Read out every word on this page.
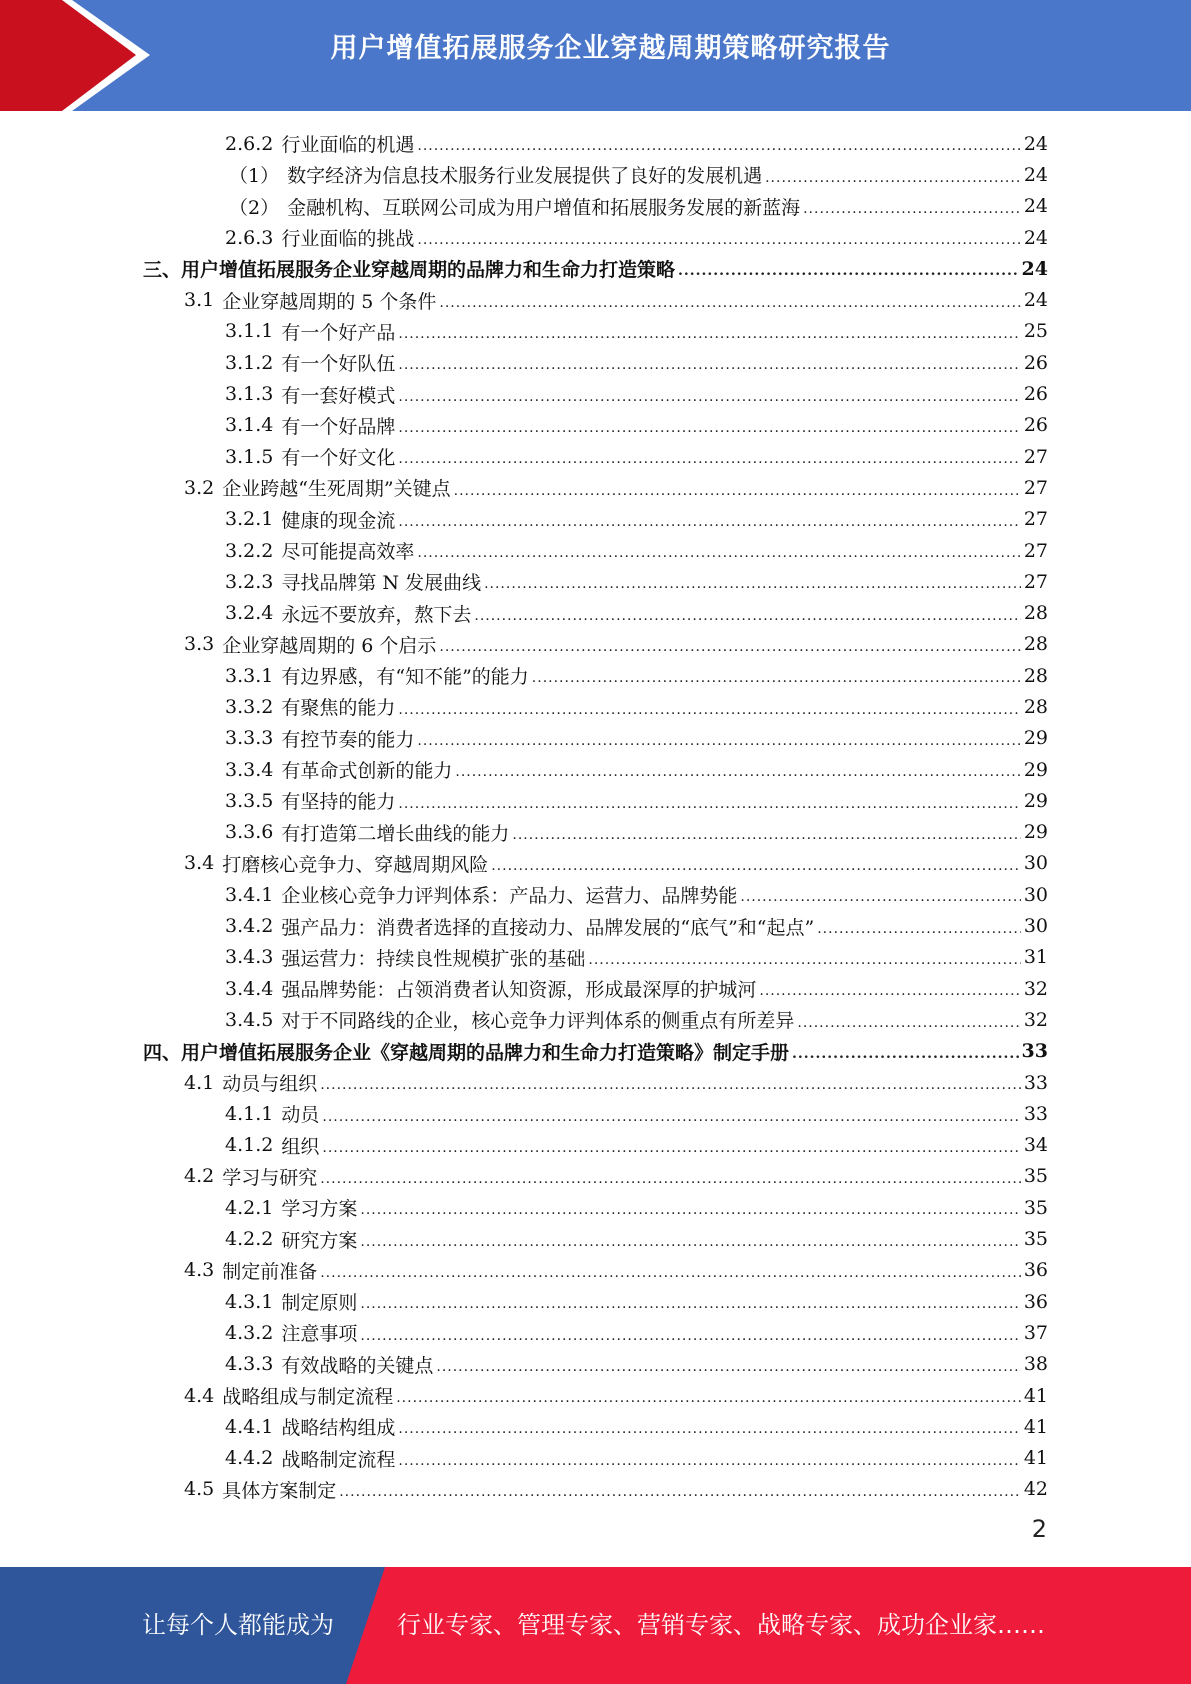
用户增值拓展服务企业穿越周期策略研究报告
2.6.2 行业面临的机遇 .....	24
（1） 数字经济为信息技术服务行业发展提供了良好的发展机遇 .....	24
（2） 金融机构、互联网公司成为用户增值和拓展服务发展的新蓝海 .....	24
2.6.3 行业面临的挑战 .....	24
三、用户增值拓展服务企业穿越周期的品牌力和生命力打造策略 .....	24
3.1 企业穿越周期的 5 个条件 .....	24
3.1.1 有一个好产品 .....	25
3.1.2 有一个好队伍 .....	26
3.1.3 有一套好模式 .....	26
3.1.4 有一个好品牌 .....	26
3.1.5 有一个好文化 .....	27
3.2 企业跨越“生死周期”关键点 .....	27
3.2.1 健康的现金流 .....	27
3.2.2 尽可能提高效率 .....	27
3.2.3 寻找品牌第 N 发展曲线 .....	27
3.2.4 永远不要放弃，熬下去 .....	28
3.3 企业穿越周期的 6 个启示 .....	28
3.3.1 有边界感，有“知不能”的能力 .....	28
3.3.2 有聚焦的能力 .....	28
3.3.3 有控节奏的能力 .....	29
3.3.4 有革命式创新的能力 .....	29
3.3.5 有坚持的能力 .....	29
3.3.6 有打造第二增长曲线的能力 .....	29
3.4 打磨核心竞争力、穿越周期风险 .....	30
3.4.1 企业核心竞争力评判体系：产品力、运营力、品牌势能 .....	30
3.4.2 强产品力：消费者选择的直接动力、品牌发展的“底气”和“起点” .....	30
3.4.3 强运营力：持续良性规模扩张的基础 .....	31
3.4.4 强品牌势能：占领消费者认知资源，形成最深厚的护城河 .....	32
3.4.5 对于不同路线的企业，核心竞争力评判体系的侧重点有所差异 .....	32
四、用户增值拓展服务企业《穿越周期的品牌力和生命力打造策略》制定手册 .....	33
4.1 动员与组织 .....	33
4.1.1 动员 .....	33
4.1.2 组织 .....	34
4.2 学习与研究 .....	35
4.2.1 学习方案 .....	35
4.2.2 研究方案 .....	35
4.3 制定前准备 .....	36
4.3.1 制定原则 .....	36
4.3.2 注意事项 .....	37
4.3.3 有效战略的关键点 .....	38
4.4 战略组成与制定流程 .....	41
4.4.1 战略结构组成 .....	41
4.4.2 战略制定流程 .....	41
4.5 具体方案制定 .....	42
2
让每个人都能成为	行业专家、管理专家、营销专家、战略专家、成功企业家……
